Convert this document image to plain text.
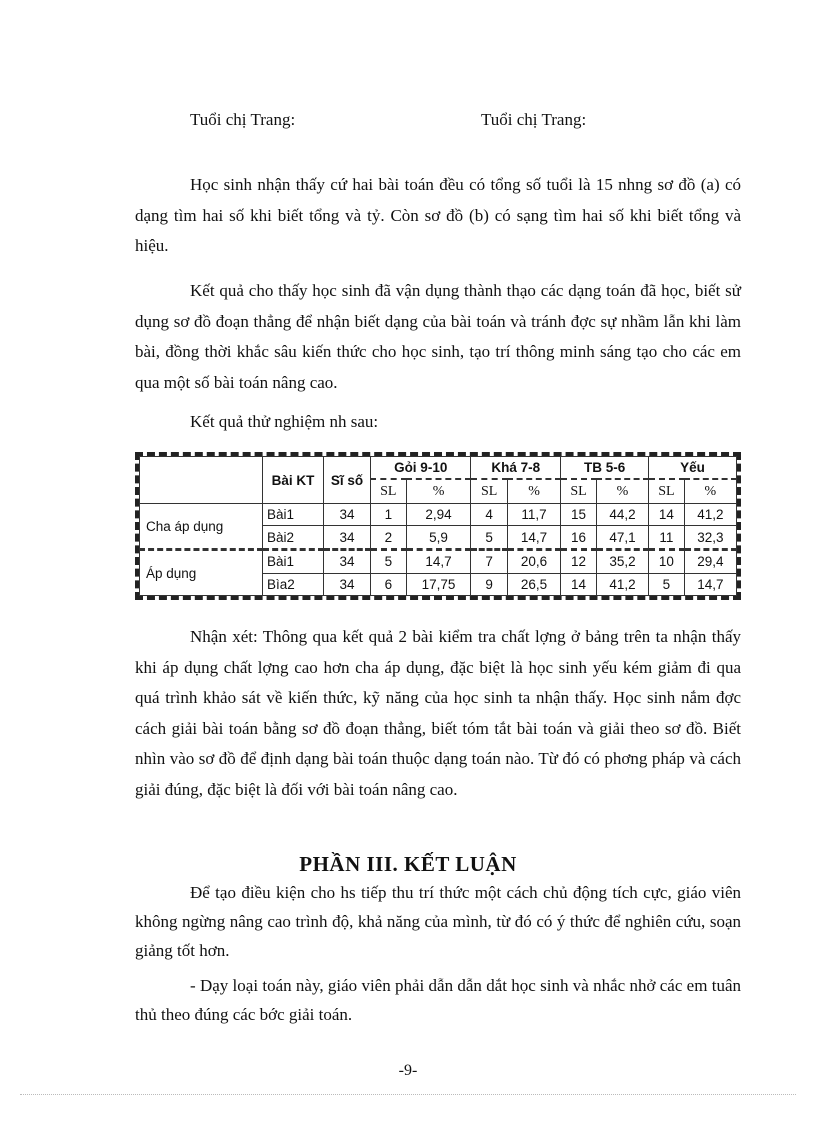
Tuổi chị Trang:	Tuổi chị Trang:

Học sinh nhận thấy cứ hai bài toán đều có tổng số tuổi là 15 nhng sơ đồ (a) có dạng tìm hai số khi biết tổng và tỷ. Còn sơ đồ (b) có sạng tìm hai số khi biết tổng và hiệu.

Kết quả cho thấy học sinh đã vận dụng thành thạo các dạng toán đã học, biết sử dụng sơ đồ đoạn thẳng để nhận biết dạng của bài toán và tránh đợc sự nhầm lẫn khi làm bài, đồng thời khắc sâu kiến thức cho học sinh, tạo trí thông minh sáng tạo cho các em qua một số bài toán nâng cao.

Kết quả thử nghiệm nh sau:
	Bài KT	Sĩ số	Gỏi 9-10		Khá 7-8		TB 5-6		Yếu	
			SL	%	SL	%	SL	%	SL	%
Cha áp dụng	Bài1	34	1	2,94	4	11,7	15	44,2	14	41,2
	Bài2	34	2	5,9	5	14,7	16	47,1	11	32,3
Áp dụng	Bài1	34	5	14,7	7	20,6	12	35,2	10	29,4
	Bìa2	34	6	17,75	9	26,5	14	41,2	5	14,7

Nhận xét: Thông qua kết quả 2 bài kiểm tra chất lợng ở bảng trên ta nhận thấy khi áp dụng chất lợng cao hơn cha áp dụng, đặc biệt là học sinh yếu kém giảm đi qua quá trình khảo sát về kiến thức, kỹ năng của học sinh ta nhận thấy. Học sinh nắm đợc cách giải bài toán bằng sơ đồ đoạn thẳng, biết tóm tắt bài toán và giải theo sơ đồ. Biết nhìn vào sơ đồ để định dạng bài toán thuộc dạng toán nào. Từ đó có phơng pháp và cách giải đúng, đặc biệt là đối với bài toán nâng cao.

PHẦN III. KẾT LUẬN

Để tạo điều kiện cho hs tiếp thu trí thức một cách chủ động tích cực, giáo viên không ngừng nâng cao trình độ, khả năng của mình, từ đó có ý thức để nghiên cứu, soạn giảng tốt hơn.

- Dạy loại toán này, giáo viên phải dẫn dẫn dắt học sinh và nhắc nhở các em tuân thủ theo đúng các bớc giải toán.

-9-
